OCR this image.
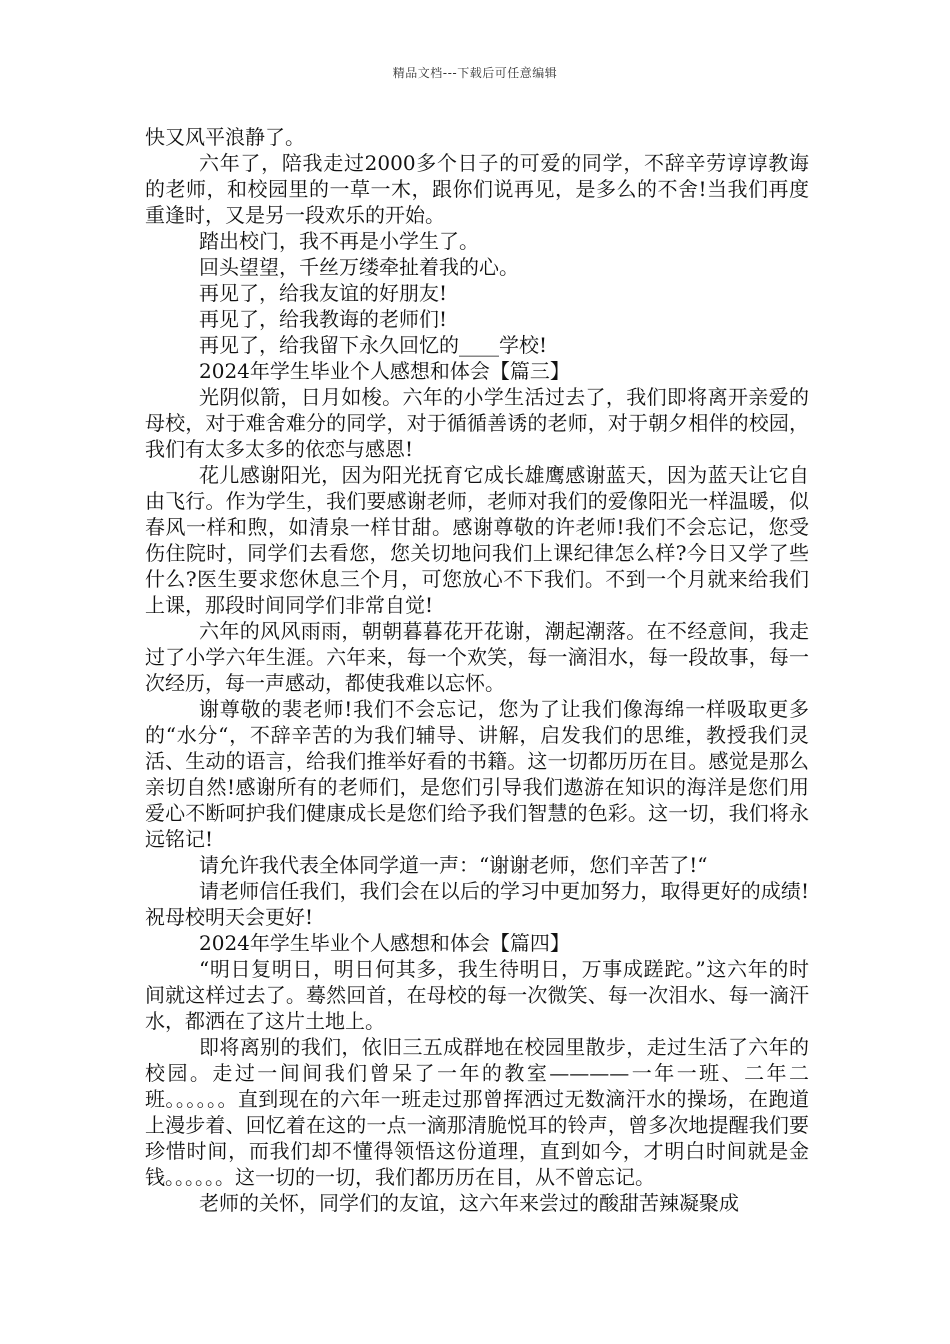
精品文档---下载后可任意编辑

快又风平浪静了。

六年了，陪我走过2000多个日子的可爱的同学，不辞辛劳谆谆教诲的老师，和校园里的一草一木，跟你们说再见，是多么的不舍!当我们再度重逢时，又是另一段欢乐的开始。

踏出校门，我不再是小学生了。

回头望望，千丝万缕牵扯着我的心。

再见了，给我友谊的好朋友!

再见了，给我教诲的老师们!

再见了，给我留下永久回忆的____学校!

2024年学生毕业个人感想和体会【篇三】

光阴似箭，日月如梭。六年的小学生活过去了，我们即将离开亲爱的母校，对于难舍难分的同学，对于循循善诱的老师，对于朝夕相伴的校园，我们有太多太多的依恋与感恩!

花儿感谢阳光，因为阳光抚育它成长雄鹰感谢蓝天，因为蓝天让它自由飞行。作为学生，我们要感谢老师，老师对我们的爱像阳光一样温暖，似春风一样和煦，如清泉一样甘甜。感谢尊敬的许老师!我们不会忘记，您受伤住院时，同学们去看您，您关切地问我们上课纪律怎么样?今日又学了些什么?医生要求您休息三个月，可您放心不下我们。不到一个月就来给我们上课，那段时间同学们非常自觉!

六年的风风雨雨，朝朝暮暮花开花谢，潮起潮落。在不经意间，我走过了小学六年生涯。六年来，每一个欢笑，每一滴泪水，每一段故事，每一次经历，每一声感动，都使我难以忘怀。

谢尊敬的裴老师!我们不会忘记，您为了让我们像海绵一样吸取更多的“水分“，不辞辛苦的为我们辅导、讲解，启发我们的思维，教授我们灵活、生动的语言，给我们推举好看的书籍。这一切都历历在目。感觉是那么亲切自然!感谢所有的老师们，是您们引导我们遨游在知识的海洋是您们用爱心不断呵护我们健康成长是您们给予我们智慧的色彩。这一切，我们将永远铭记!

请允许我代表全体同学道一声：“谢谢老师，您们辛苦了!“

请老师信任我们，我们会在以后的学习中更加努力，取得更好的成绩!祝母校明天会更好!

2024年学生毕业个人感想和体会【篇四】

“明日复明日，明日何其多，我生待明日，万事成蹉跎。”这六年的时间就这样过去了。蓦然回首，在母校的每一次微笑、每一次泪水、每一滴汗水，都洒在了这片土地上。

即将离别的我们，依旧三五成群地在校园里散步，走过生活了六年的校园。走过一间间我们曾呆了一年的教室————一年一班、二年二班。。。。。。直到现在的六年一班走过那曾挥洒过无数滴汗水的操场，在跑道上漫步着、回忆着在这的一点一滴那清脆悦耳的铃声，曾多次地提醒我们要珍惜时间，而我们却不懂得领悟这份道理，直到如今，才明白时间就是金钱。。。。。。这一切的一切，我们都历历在目，从不曾忘记。

老师的关怀，同学们的友谊，这六年来尝过的酸甜苦辣凝聚成
